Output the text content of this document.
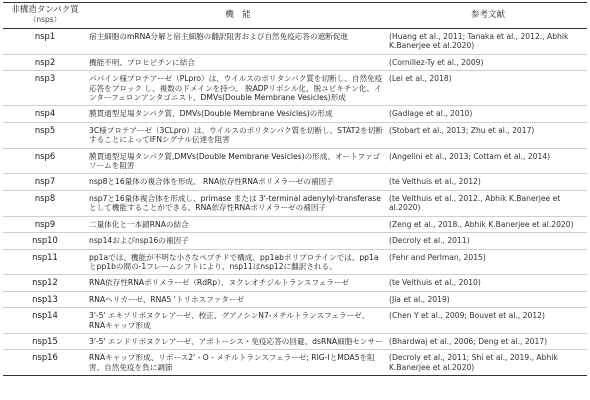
非構造タンパク質
（nsps）	機　能	参考文献

nsp1	宿主細胞のmRNA分解と宿主細胞の翻訳阻害および自然免疫応答の遮断促進	(Huang et al., 2011; Tanaka et al., 2012., Abhik K.Banerjee et al.2020)

nsp2	機能不明、プロヒビチンに結合	(Cornillez-Ty et al., 2009)

nsp3	パパイン様プロテアーゼ（PLpro）は、ウイルスのポリタンパク質を切断し、自然免疫応答をブロック し、複数のドメインを持つ。 脱ADPリボシル化、脱ユビキチン化、インターフェロンアンタゴニスト、DMVs(Double Membrane Vesicles)形成	(Lei et al., 2018)

nsp4	膜貫通型足場タンパク質、DMVs(Double Membrane Vesicles)の形成	(Gadlage et al., 2010)

nsp5	3C様プロテアーゼ（3CLpro）は、ウイルスのポリタンパク質を切断し、STAT2を切断することによってIFNシグナル伝達を阻害	(Stobart et al., 2013; Zhu et al., 2017)

nsp6	膜貫通型足場タンパク質,DMVs(Double Membrane Vesicles)の形成、オートファゴソームを阻害	(Angelini et al., 2013; Cottam et al., 2014)

nsp7	nsp8と16量体の複合体を形成、 RNA依存性RNAポリメラーゼの補因子	(te Velthuis et al., 2012)

nsp8	nsp7と16量体複合体を形成し、primase または 3'-terminal adenylyl-transferaseとして機能することができる。RNA依存性RNAポリメラーゼの補因子	(te Velthuis et al., 2012., Abhik K.Banerjee et al.2020)

nsp9	二量体化と一本鎖RNAの結合	(Zeng et al., 2018., Abhik K.Banerjee et al.2020)

nsp10	nsp14およびnsp16の補因子	(Decroly et al., 2011)

nsp11	pp1aでは、機能が不明な小さなペプチドで構成、pp1abポリプロテインでは、pp1aとpp1bの間の-1フレームシフトにより、nsp11はnsp12に翻訳される。	(Fehr and Perlman, 2015)

nsp12	RNA依存性RNAポリメラーゼ（RdRp）、ヌクレオチジルトランスフェラーゼ	(te Velthuis et al., 2010)

nsp13	RNAヘリカーゼ、RNA5 'トリホスファターゼ	(Jia et al., 2019)

nsp14	3'-5' エキソリボヌクレアーゼ、校正、グアノシンN7-メチルトランスフェラーゼ、RNAキャップ形成	(Chen Y et al., 2009; Bouvet et al., 2012)

nsp15	3'-5' エンドリボヌクレアーゼ、アポトーシス・免疫応答の回避、dsRNA細胞センサー	(Bhardwaj et al., 2006; Deng et al., 2017)

nsp16	RNAキャップ形成、リボース2' - O - メチルトランスフェラーゼ; RIG-IとMDA5を阻害、自然免疫を負に調節	(Decroly et al., 2011; Shi et al., 2019., Abhik K.Banerjee et al.2020)
